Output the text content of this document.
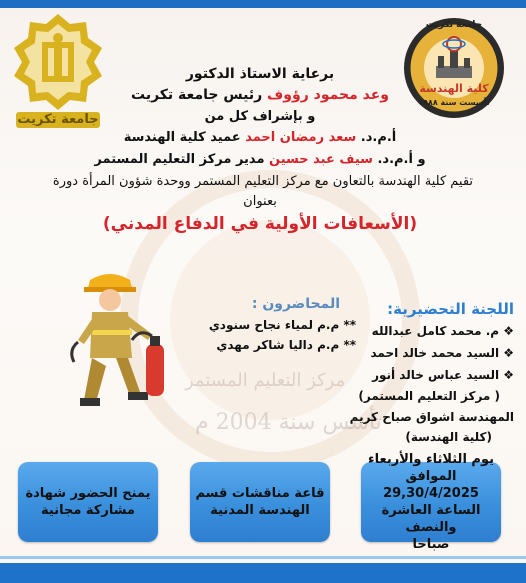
تأسس سنة 2004 م
مركز التعليم المستمر
جامعة تكريت
جامعة تكريت
كلية الهندسة
تأسست سنة ١٩٨٨
برعاية الاستاذ الدكتور
وعد محمود رؤوف رئيس جامعة تكريت
و بإشراف كل من
أ.م.د. سعد رمضان احمد عميد كلية الهندسة
و أ.م.د. سيف عبد حسين مدير مركز التعليم المستمر
تقيم كلية الهندسة بالتعاون مع مركز التعليم المستمر ووحدة شؤون المرأة دورة
بعنوان
(الأسعافات الأولية في الدفاع المدني)
المحاضرون :
** م.م لمياء نجاح سنودي
** م.م داليا شاكر مهدي
اللجنة التحضيرية:
❖ م. محمد كامل عبدالله
❖ السيد محمد خالد احمد
❖ السيد عباس خالد أنور
( مركز التعليم المستمر)
المهندسة اشواق صباح كريم
(كلية الهندسة)
يوم الثلاثاء والأربعاء
الموافق 29,30/4/2025
الساعة العاشرة والنصف
صباحا
قاعة مناقشات قسم
الهندسة المدنية
يمنح الحضور شهادة
مشاركة مجانية
